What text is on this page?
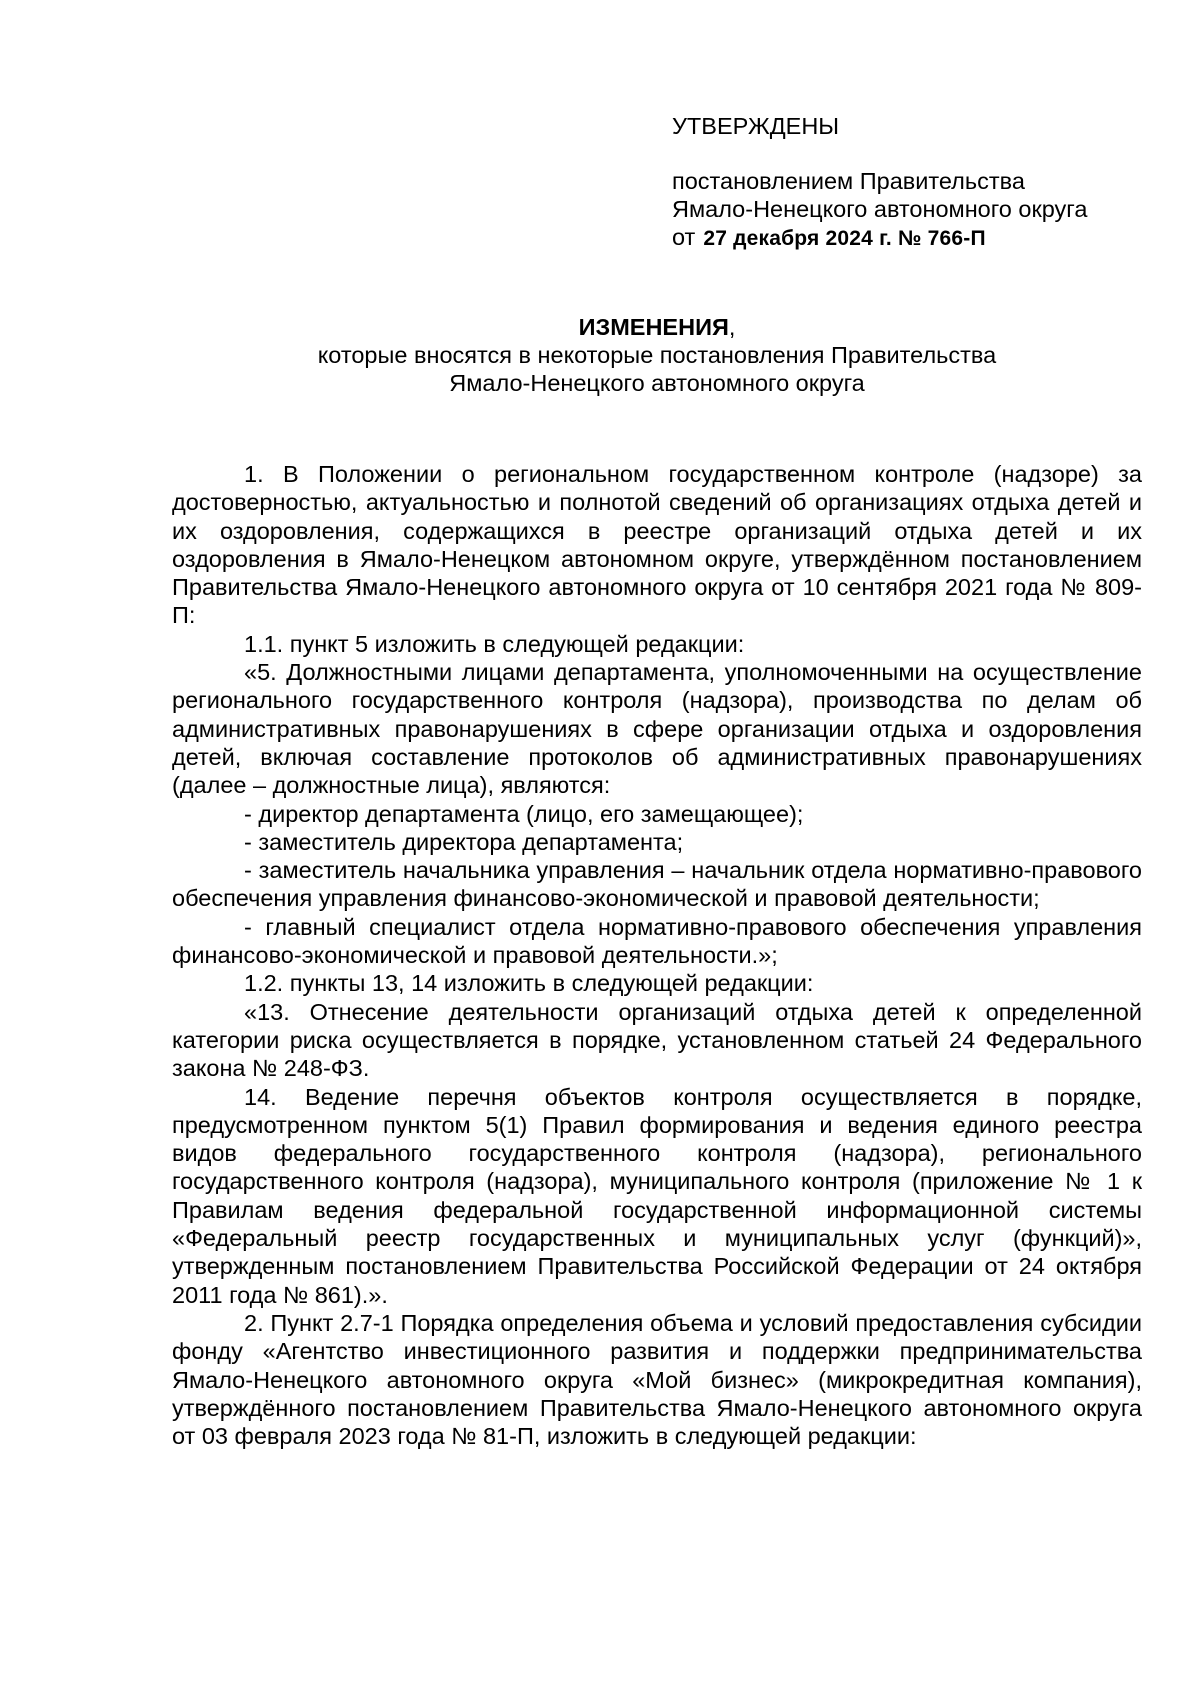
УТВЕРЖДЕНЫ
постановлением Правительства
Ямало-Ненецкого автономного округа
от 27 декабря 2024 г. № 766-П
ИЗМЕНЕНИЯ,
которые вносятся в некоторые постановления Правительства
Ямало-Ненецкого автономного округа

1. В Положении о региональном государственном контроле (надзоре) за достоверностью, актуальностью и полнотой сведений об организациях отдыха детей и их оздоровления, содержащихся в реестре организаций отдыха детей и их оздоровления в Ямало-Ненецком автономном округе, утверждённом постановлением Правительства Ямало-Ненецкого автономного округа от 10 сентября 2021 года № 809-П:

1.1. пункт 5 изложить в следующей редакции:

«5. Должностными лицами департамента, уполномоченными на осуществление регионального государственного контроля (надзора), производства по делам об административных правонарушениях в сфере организации отдыха и оздоровления детей, включая составление протоколов об административных правонарушениях (далее – должностные лица), являются:

- директор департамента (лицо, его замещающее);

- заместитель директора департамента;

- заместитель начальника управления – начальник отдела нормативно-правового обеспечения управления финансово-экономической и правовой деятельности;

- главный специалист отдела нормативно-правового обеспечения управления финансово-экономической и правовой деятельности.»;

1.2. пункты 13, 14 изложить в следующей редакции:

«13. Отнесение деятельности организаций отдыха детей к определенной категории риска осуществляется в порядке, установленном статьей 24 Федерального закона № 248-ФЗ.

14. Ведение перечня объектов контроля осуществляется в порядке, предусмотренном пунктом 5(1) Правил формирования и ведения единого реестра видов федерального государственного контроля (надзора), регионального государственного контроля (надзора), муниципального контроля (приложение № 1 к Правилам ведения федеральной государственной информационной системы «Федеральный реестр государственных и муниципальных услуг (функций)», утвержденным постановлением Правительства Российской Федерации от 24 октября 2011 года № 861).».

2. Пункт 2.7-1 Порядка определения объема и условий предоставления субсидии фонду «Агентство инвестиционного развития и поддержки предпринимательства Ямало-Ненецкого автономного округа «Мой бизнес» (микрокредитная компания), утверждённого постановлением Правительства Ямало-Ненецкого автономного округа от 03 февраля 2023 года № 81-П, изложить в следующей редакции:
